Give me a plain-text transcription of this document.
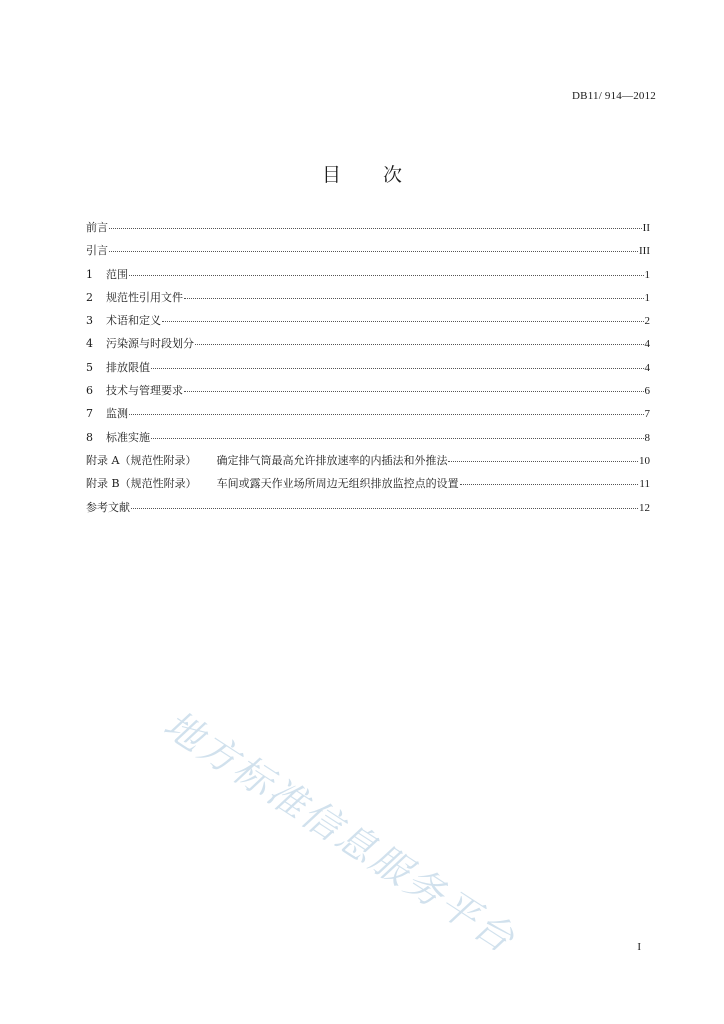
DB11/ 914—2012
目次
前言	II
引言	III
1	范围	1
2	规范性引用文件	1
3	术语和定义	2
4	污染源与时段划分	4
5	排放限值	4
6	技术与管理要求	6
7	监测	7
8	标准实施	8
附录 A（规范性附录） 确定排气筒最高允许排放速率的内插法和外推法	10
附录 B（规范性附录） 车间或露天作业场所周边无组织排放监控点的设置	11
参考文献	12
地方标准信息服务平台	I
